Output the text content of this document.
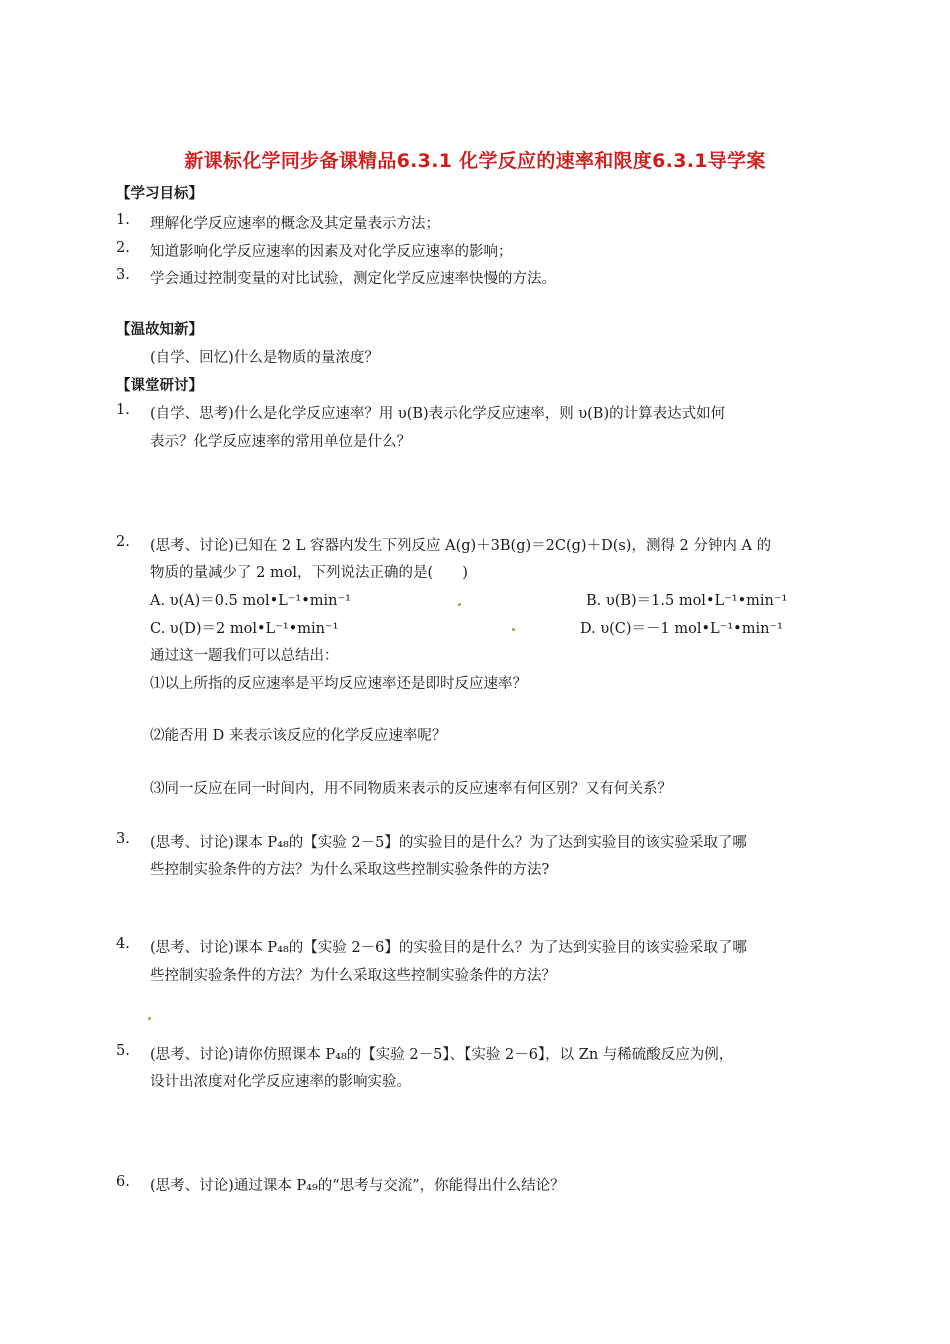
新课标化学同步备课精品6.3.1 化学反应的速率和限度6.3.1导学案
【学习目标】
1. 理解化学反应速率的概念及其定量表示方法；
2. 知道影响化学反应速率的因素及对化学反应速率的影响；
3. 学会通过控制变量的对比试验，测定化学反应速率快慢的方法。
【温故知新】
(自学、回忆)什么是物质的量浓度？
【课堂研讨】
1. (自学、思考)什么是化学反应速率？用 υ(B)表示化学反应速率，则 υ(B)的计算表达式如何
表示？化学反应速率的常用单位是什么？
2. (思考、讨论)已知在 2 L 容器内发生下列反应 A(g)＋3B(g)＝2C(g)＋D(s)，测得 2 分钟内 A 的
物质的量减少了 2 mol，下列说法正确的是(　　)
A. υ(A)＝0.5 mol•L⁻¹•min⁻¹	B. υ(B)＝1.5 mol•L⁻¹•min⁻¹
C. υ(D)＝2 mol•L⁻¹•min⁻¹	D. υ(C)＝－1 mol•L⁻¹•min⁻¹
通过这一题我们可以总结出：
⑴以上所指的反应速率是平均反应速率还是即时反应速率？
⑵能否用 D 来表示该反应的化学反应速率呢？
⑶同一反应在同一时间内，用不同物质来表示的反应速率有何区别？又有何关系？
3. (思考、讨论)课本 P₄₈的【实验 2－5】的实验目的是什么？为了达到实验目的该实验采取了哪
些控制实验条件的方法？为什么采取这些控制实验条件的方法?
4. (思考、讨论)课本 P₄₈的【实验 2－6】的实验目的是什么？为了达到实验目的该实验采取了哪
些控制实验条件的方法？为什么采取这些控制实验条件的方法？
5. (思考、讨论)请你仿照课本 P₄₈的【实验 2－5】、【实验 2－6】，以 Zn 与稀硫酸反应为例，
设计出浓度对化学反应速率的影响实验。
6. (思考、讨论)通过课本 P₄₉的“思考与交流”，你能得出什么结论？
